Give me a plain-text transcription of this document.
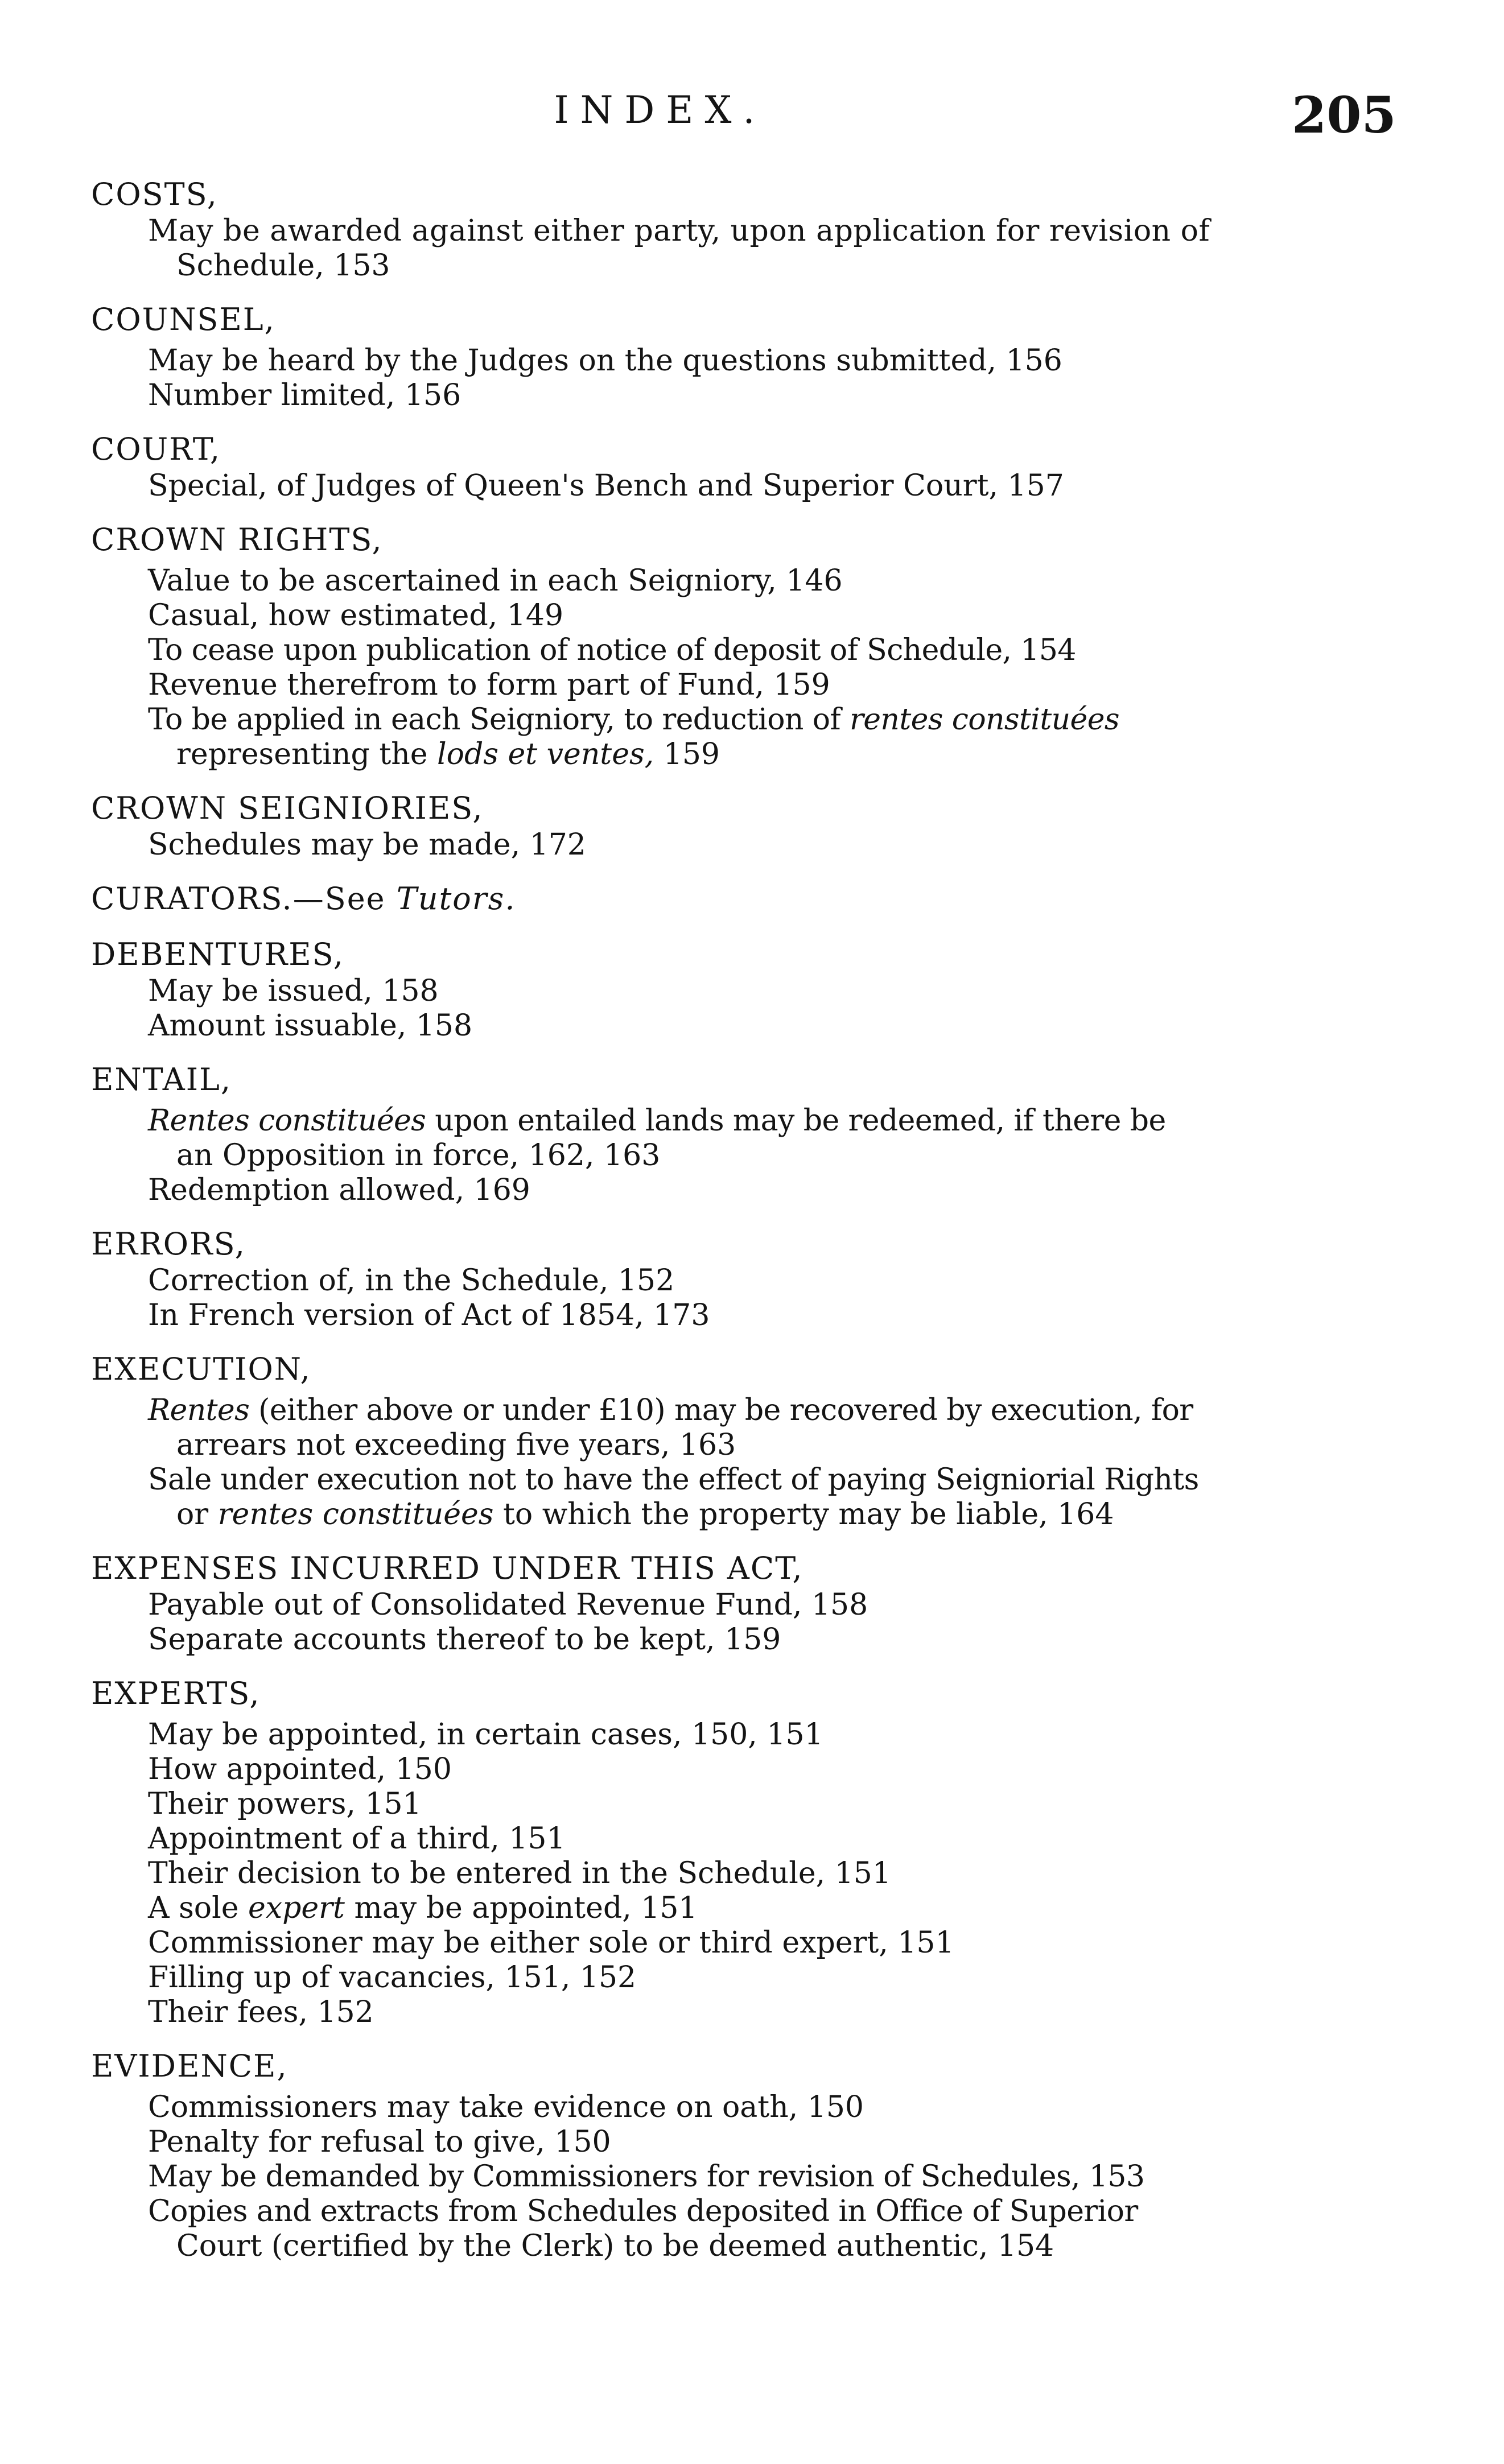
INDEX.	205
COSTS,
May be awarded against either party, upon application for revision of
Schedule, 153
COUNSEL,
May be heard by the Judges on the questions submitted, 156
Number limited, 156
COURT,
Special, of Judges of Queen's Bench and Superior Court, 157
CROWN RIGHTS,
Value to be ascertained in each Seigniory, 146
Casual, how estimated, 149
To cease upon publication of notice of deposit of Schedule, 154
Revenue therefrom to form part of Fund, 159
To be applied in each Seigniory, to reduction of rentes constituées
representing the lods et ventes, 159
CROWN SEIGNIORIES,
Schedules may be made, 172
CURATORS.—See Tutors.
DEBENTURES,
May be issued, 158
Amount issuable, 158
ENTAIL,
Rentes constituées upon entailed lands may be redeemed, if there be
an Opposition in force, 162, 163
Redemption allowed, 169
ERRORS,
Correction of, in the Schedule, 152
In French version of Act of 1854, 173
EXECUTION,
Rentes (either above or under £10) may be recovered by execution, for
arrears not exceeding five years, 163
Sale under execution not to have the effect of paying Seigniorial Rights
or rentes constituées to which the property may be liable, 164
EXPENSES INCURRED UNDER THIS ACT,
Payable out of Consolidated Revenue Fund, 158
Separate accounts thereof to be kept, 159
EXPERTS,
May be appointed, in certain cases, 150, 151
How appointed, 150
Their powers, 151
Appointment of a third, 151
Their decision to be entered in the Schedule, 151
A sole expert may be appointed, 151
Commissioner may be either sole or third expert, 151
Filling up of vacancies, 151, 152
Their fees, 152
EVIDENCE,
Commissioners may take evidence on oath, 150
Penalty for refusal to give, 150
May be demanded by Commissioners for revision of Schedules, 153
Copies and extracts from Schedules deposited in Office of Superior
Court (certified by the Clerk) to be deemed authentic, 154
